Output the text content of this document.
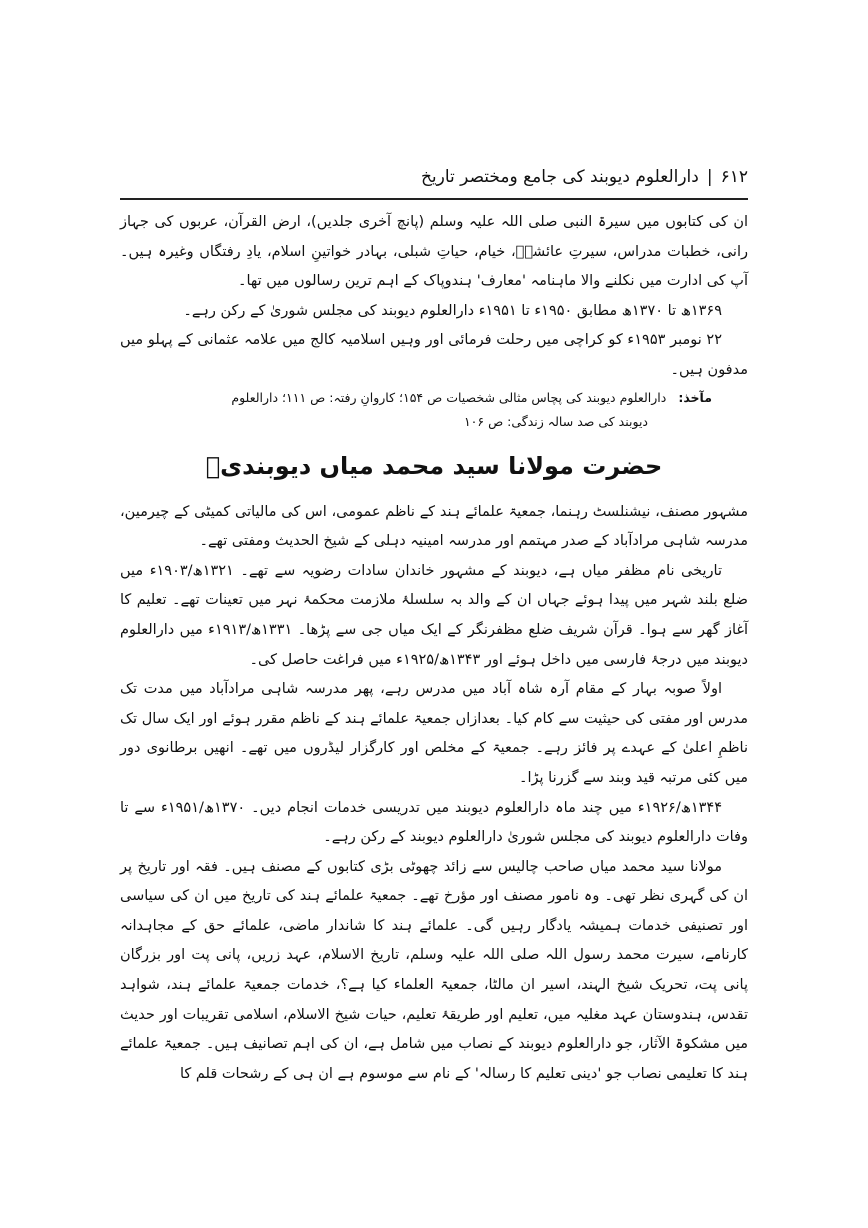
۶۱۲
|
دارالعلوم دیوبند کی جامع ومختصر تاریخ

ان کی کتابوں میں سیرۃ النبی صلی اللہ علیہ وسلم (پانچ آخری جلدیں)، ارض القرآن، عربوں کی جہاز رانی، خطبات مدراس، سیرتِ عائشہؓ، خیام، حیاتِ شبلی، بہادر خواتینِ اسلام، یادِ رفتگاں وغیرہ ہیں۔ آپ کی ادارت میں نکلنے والا ماہنامہ 'معارف' ہندوپاک کے اہم ترین رسالوں میں تھا۔

۱۳۶۹ھ تا ۱۳۷۰ھ مطابق ۱۹۵۰ء تا ۱۹۵۱ء دارالعلوم دیوبند کی مجلس شوریٰ کے رکن رہے۔

۲۲ نومبر ۱۹۵۳ء کو کراچی میں رحلت فرمائی اور وہیں اسلامیہ کالج میں علامہ عثمانی کے پہلو میں مدفون ہیں۔

مآخذ:
دارالعلوم دیوبند کی پچاس مثالی شخصیات ص ۱۵۴؛ کاروانِ رفتہ: ص ۱۱۱؛ دارالعلوم
دیوبند کی صد سالہ زندگی: ص ۱۰۶
حضرت مولانا سید محمد میاں دیوبندیؒ

مشہور مصنف، نیشنلسٹ رہنما، جمعیۃ علمائے ہند کے ناظم عمومی، اس کی مالیاتی کمیٹی کے چیرمین، مدرسہ شاہی مرادآباد کے صدر مہتمم اور مدرسہ امینیہ دہلی کے شیخ الحدیث ومفتی تھے۔

تاریخی نام مظفر میاں ہے، دیوبند کے مشہور خاندان سادات رضویہ سے تھے۔ ۱۳۲۱ھ/۱۹۰۳ء میں ضلع بلند شہر میں پیدا ہوئے جہاں ان کے والد بہ سلسلۂ ملازمت محکمۂ نہر میں تعینات تھے۔ تعلیم کا آغاز گھر سے ہوا۔ قرآن شریف ضلع مظفرنگر کے ایک میاں جی سے پڑھا۔ ۱۳۳۱ھ/۱۹۱۳ء میں دارالعلوم دیوبند میں درجۂ فارسی میں داخل ہوئے اور ۱۳۴۳ھ/۱۹۲۵ء میں فراغت حاصل کی۔

اولاً صوبہ بہار کے مقام آرہ شاہ آباد میں مدرس رہے، پھر مدرسہ شاہی مرادآباد میں مدت تک مدرس اور مفتی کی حیثیت سے کام کیا۔ بعدازاں جمعیۃ علمائے ہند کے ناظم مقرر ہوئے اور ایک سال تک ناظمِ اعلیٰ کے عہدے پر فائز رہے۔ جمعیۃ کے مخلص اور کارگزار لیڈروں میں تھے۔ انھیں برطانوی دور میں کئی مرتبہ قید وبند سے گزرنا پڑا۔

۱۳۴۴ھ/۱۹۲۶ء میں چند ماہ دارالعلوم دیوبند میں تدریسی خدمات انجام دیں۔ ۱۳۷۰ھ/۱۹۵۱ء سے تا وفات دارالعلوم دیوبند کی مجلس شوریٰ دارالعلوم دیوبند کے رکن رہے۔

مولانا سید محمد میاں صاحب چالیس سے زائد چھوٹی بڑی کتابوں کے مصنف ہیں۔ فقہ اور تاریخ پر ان کی گہری نظر تھی۔ وہ نامور مصنف اور مؤرخ تھے۔ جمعیۃ علمائے ہند کی تاریخ میں ان کی سیاسی اور تصنیفی خدمات ہمیشہ یادگار رہیں گی۔ علمائے ہند کا شاندار ماضی، علمائے حق کے مجاہدانہ کارنامے، سیرت محمد رسول اللہ صلی اللہ علیہ وسلم، تاریخ الاسلام، عہد زریں، پانی پت اور بزرگان پانی پت، تحریک شیخ الہند، اسیر ان مالٹا، جمعیۃ العلماء کیا ہے؟، خدمات جمعیۃ علمائے ہند، شواہد تقدس، ہندوستان عہد مغلیہ میں، تعلیم اور طریقۂ تعلیم، حیات شیخ الاسلام، اسلامی تقریبات اور حدیث میں مشکوۃ الآثار، جو دارالعلوم دیوبند کے نصاب میں شامل ہے، ان کی اہم تصانیف ہیں۔ جمعیۃ علمائے ہند کا تعلیمی نصاب جو 'دینی تعلیم کا رسالہ' کے نام سے موسوم ہے ان ہی کے رشحات قلم کا
